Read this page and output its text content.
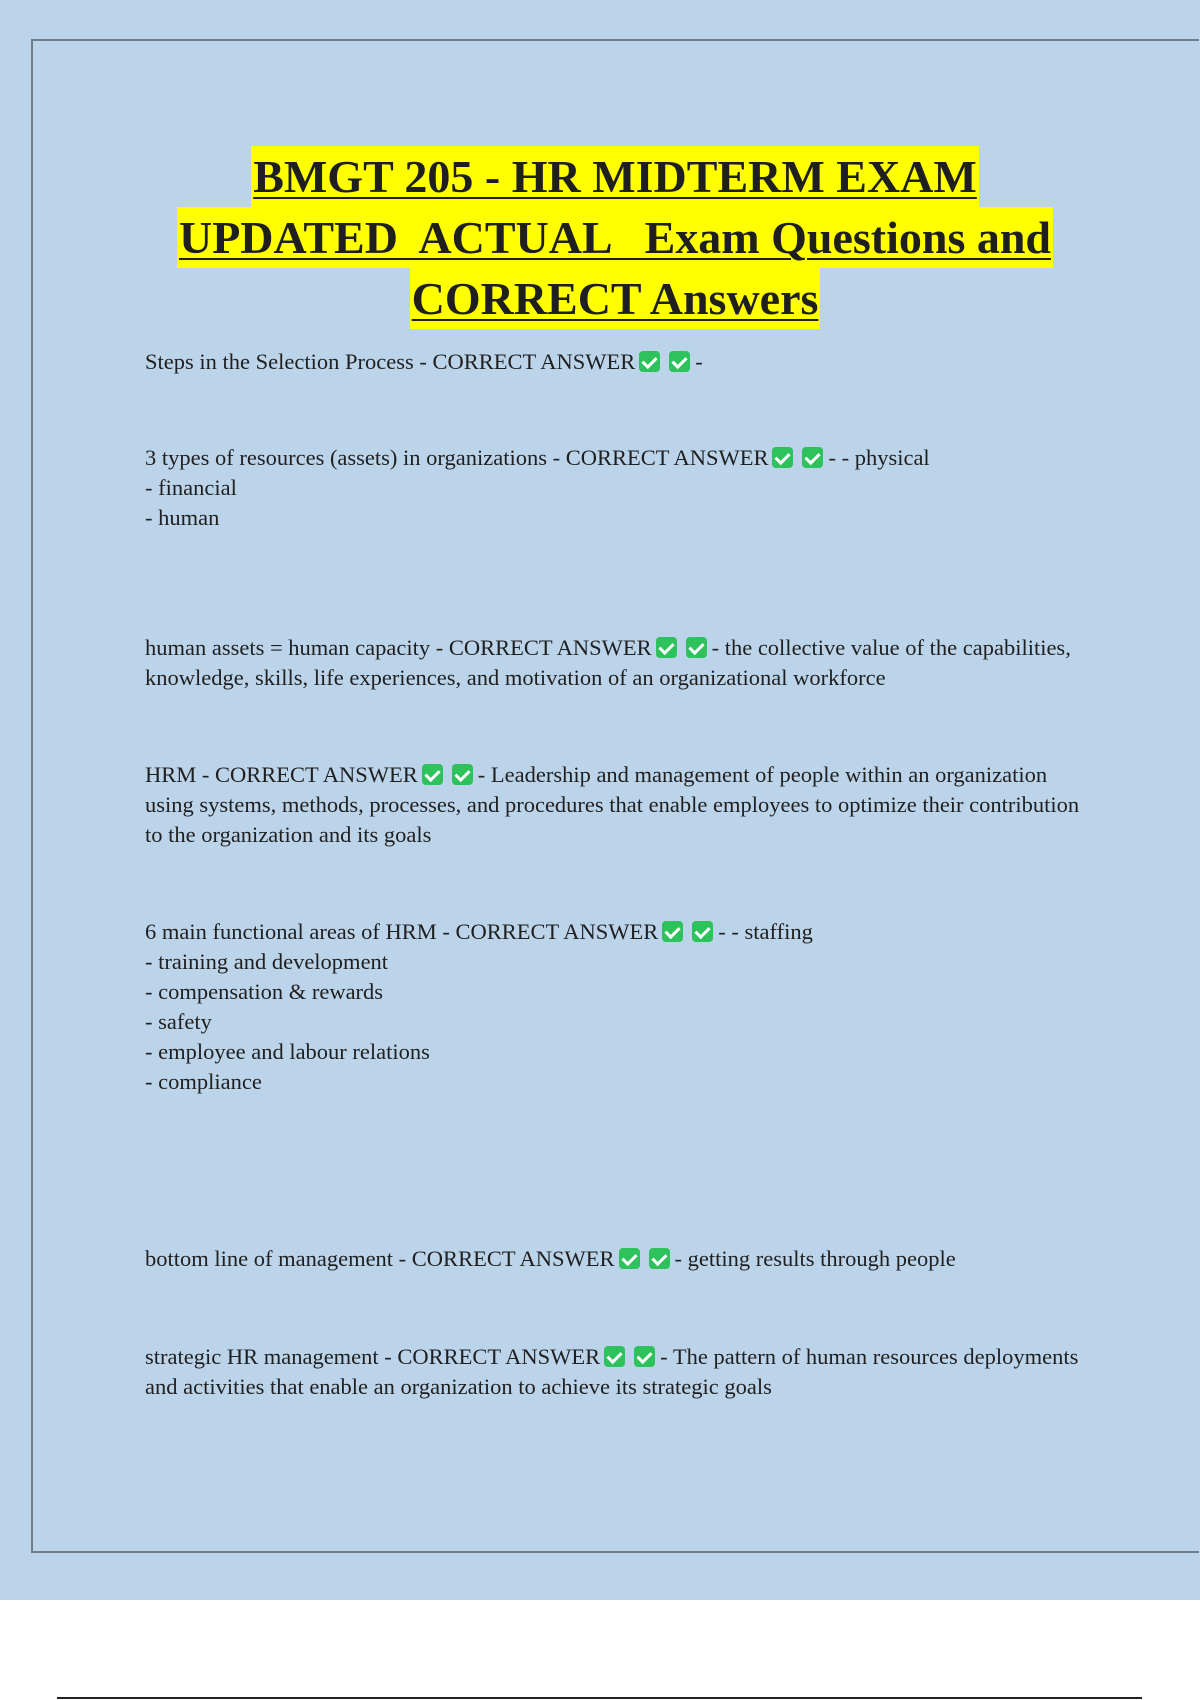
BMGT 205 - HR MIDTERM EXAM
UPDATED  ACTUAL   Exam Questions and
CORRECT Answers

Steps in the Selection Process - CORRECT ANSWER	-

3 types of resources (assets) in organizations - CORRECT ANSWER	- - physical

- financial

- human

human assets = human capacity - CORRECT ANSWER	- the collective value of the capabilities, knowledge, skills, life experiences, and motivation of an organizational workforce

HRM - CORRECT ANSWER	- Leadership and management of people within an organization using systems, methods, processes, and procedures that enable employees to optimize their contribution to the organization and its goals

6 main functional areas of HRM - CORRECT ANSWER	- - staffing

- training and development

- compensation & rewards

- safety

- employee and labour relations

- compliance

bottom line of management - CORRECT ANSWER	- getting results through people

strategic HR management - CORRECT ANSWER	- The pattern of human resources deployments and activities that enable an organization to achieve its strategic goals
